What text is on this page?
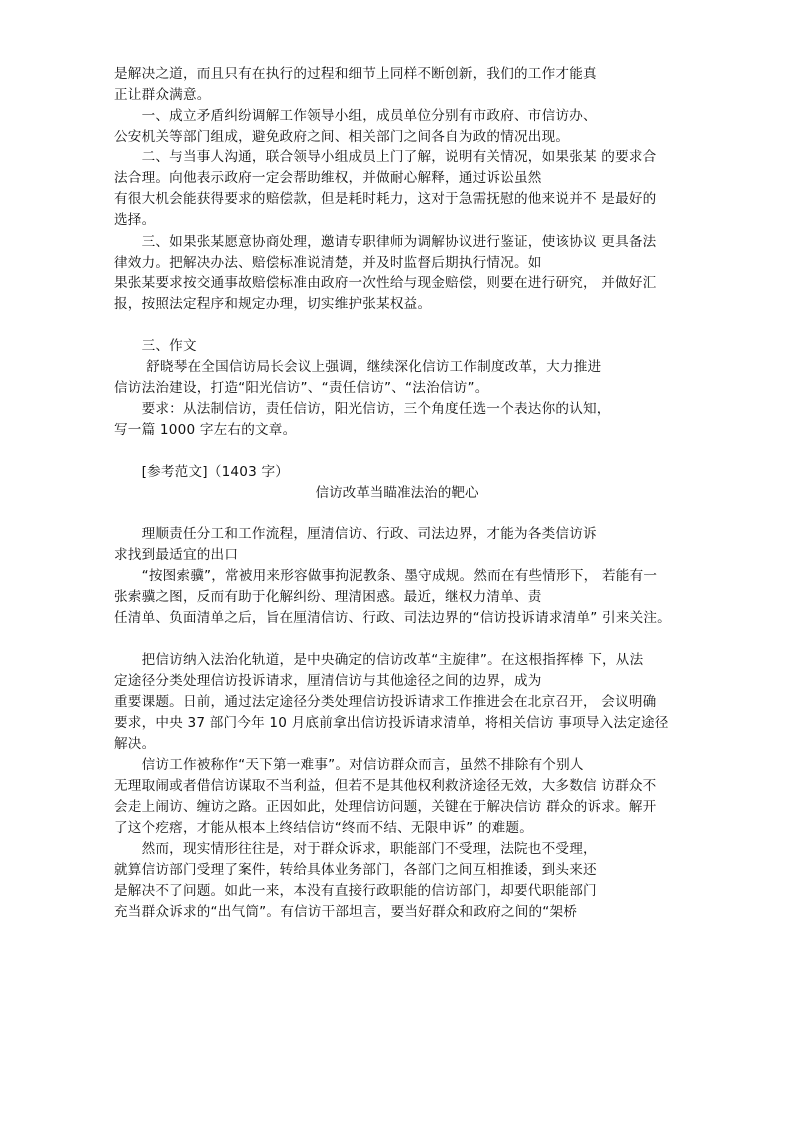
是解决之道，而且只有在执行的过程和细节上同样不断创新，我们的工作才能真
正让群众满意。
　　一、成立矛盾纠纷调解工作领导小组，成员单位分别有市政府、市信访办、
公安机关等部门组成，避免政府之间、相关部门之间各自为政的情况出现。
　　二、与当事人沟通，联合领导小组成员上门了解，说明有关情况，如果张某 的要求合
法合理。向他表示政府一定会帮助维权，并做耐心解释，通过诉讼虽然
有很大机会能获得要求的赔偿款，但是耗时耗力，这对于急需抚慰的他来说并不 是最好的
选择。
　　三、如果张某愿意协商处理，邀请专职律师为调解协议进行鉴证，使该协议 更具备法
律效力。把解决办法、赔偿标准说清楚，并及时监督后期执行情况。如
果张某要求按交通事故赔偿标准由政府一次性给与现金赔偿，则要在进行研究， 并做好汇
报，按照法定程序和规定办理，切实维护张某权益。
　　三、作文
　　 舒晓琴在全国信访局长会议上强调，继续深化信访工作制度改革，大力推进
信访法治建设，打造“阳光信访”、“责任信访”、“法治信访”。
　　要求：从法制信访，责任信访，阳光信访，三个角度任选一个表达你的认知，
写一篇 1000 字左右的文章。
　　[参考范文]（1403 字）
信访改革当瞄准法治的靶心
　　理顺责任分工和工作流程，厘清信访、行政、司法边界，才能为各类信访诉
求找到最适宜的出口
　　“按图索骥”，常被用来形容做事拘泥教条、墨守成规。然而在有些情形下， 若能有一
张索骥之图，反而有助于化解纠纷、理清困惑。最近，继权力清单、责
任清单、负面清单之后，旨在厘清信访、行政、司法边界的“信访投诉请求清单” 引来关注。
　　把信访纳入法治化轨道，是中央确定的信访改革“主旋律”。在这根指挥棒 下，从法
定途径分类处理信访投诉请求，厘清信访与其他途径之间的边界，成为
重要课题。日前，通过法定途径分类处理信访投诉请求工作推进会在北京召开， 会议明确
要求，中央 37 部门今年 10 月底前拿出信访投诉请求清单，将相关信访 事项导入法定途径
解决。
　　信访工作被称作“天下第一难事”。对信访群众而言，虽然不排除有个别人
无理取闹或者借信访谋取不当利益，但若不是其他权利救济途径无效，大多数信 访群众不
会走上闹访、缠访之路。正因如此，处理信访问题，关键在于解决信访 群众的诉求。解开
了这个疙瘩，才能从根本上终结信访“终而不结、无限申诉” 的难题。
　　然而，现实情形往往是，对于群众诉求，职能部门不受理，法院也不受理，
就算信访部门受理了案件，转给具体业务部门，各部门之间互相推诿，到头来还
是解决不了问题。如此一来，本没有直接行政职能的信访部门，却要代职能部门
充当群众诉求的“出气筒”。有信访干部坦言，要当好群众和政府之间的“架桥
